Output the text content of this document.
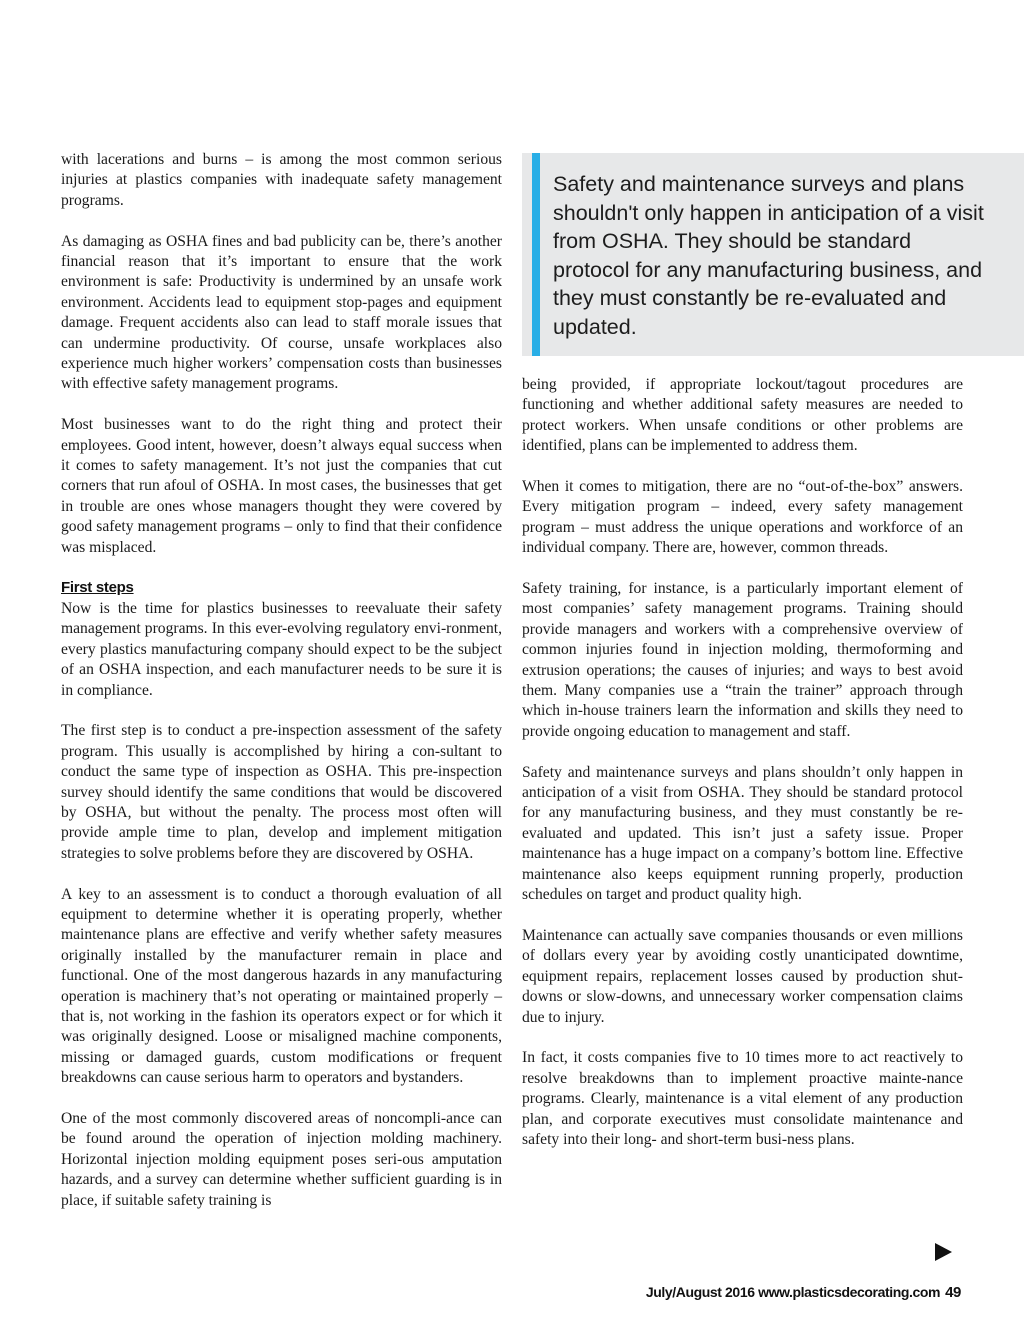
with lacerations and burns – is among the most common serious injuries at plastics companies with inadequate safety management programs.

As damaging as OSHA fines and bad publicity can be, there’s another financial reason that it’s important to ensure that the work environment is safe: Productivity is undermined by an unsafe work environment. Accidents lead to equipment stop-pages and equipment damage. Frequent accidents also can lead to staff morale issues that can undermine productivity. Of course, unsafe workplaces also experience much higher workers’ compensation costs than businesses with effective safety management programs.

Most businesses want to do the right thing and protect their employees. Good intent, however, doesn’t always equal success when it comes to safety management. It’s not just the companies that cut corners that run afoul of OSHA. In most cases, the businesses that get in trouble are ones whose managers thought they were covered by good safety management programs – only to find that their confidence was misplaced.

First steps

Now is the time for plastics businesses to reevaluate their safety management programs. In this ever-evolving regulatory envi-ronment, every plastics manufacturing company should expect to be the subject of an OSHA inspection, and each manufacturer needs to be sure it is in compliance.

The first step is to conduct a pre-inspection assessment of the safety program. This usually is accomplished by hiring a con-sultant to conduct the same type of inspection as OSHA. This pre-inspection survey should identify the same conditions that would be discovered by OSHA, but without the penalty. The process most often will provide ample time to plan, develop and implement mitigation strategies to solve problems before they are discovered by OSHA.

A key to an assessment is to conduct a thorough evaluation of all equipment to determine whether it is operating properly, whether maintenance plans are effective and verify whether safety measures originally installed by the manufacturer remain in place and functional. One of the most dangerous hazards in any manufacturing operation is machinery that’s not operating or maintained properly – that is, not working in the fashion its operators expect or for which it was originally designed. Loose or misaligned machine components, missing or damaged guards, custom modifications or frequent breakdowns can cause serious harm to operators and bystanders.

One of the most commonly discovered areas of noncompli-ance can be found around the operation of injection molding machinery. Horizontal injection molding equipment poses seri-ous amputation hazards, and a survey can determine whether sufficient guarding is in place, if suitable safety training is

Safety and maintenance surveys and plans shouldn't only happen in anticipation of a visit from OSHA. They should be standard protocol for any manufacturing business, and they must constantly be re-evaluated and updated.

being provided, if appropriate lockout/tagout procedures are functioning and whether additional safety measures are needed to protect workers. When unsafe conditions or other problems are identified, plans can be implemented to address them.

When it comes to mitigation, there are no “out-of-the-box” answers. Every mitigation program – indeed, every safety management program – must address the unique operations and workforce of an individual company. There are, however, common threads.

Safety training, for instance, is a particularly important element of most companies’ safety management programs. Training should provide managers and workers with a comprehensive overview of common injuries found in injection molding, thermoforming and extrusion operations; the causes of injuries; and ways to best avoid them. Many companies use a “train the trainer” approach through which in-house trainers learn the information and skills they need to provide ongoing education to management and staff.

Safety and maintenance surveys and plans shouldn’t only happen in anticipation of a visit from OSHA. They should be standard protocol for any manufacturing business, and they must constantly be re-evaluated and updated. This isn’t just a safety issue. Proper maintenance has a huge impact on a company’s bottom line. Effective maintenance also keeps equipment running properly, production schedules on target and product quality high.

Maintenance can actually save companies thousands or even millions of dollars every year by avoiding costly unanticipated downtime, equipment repairs, replacement losses caused by production shut-downs or slow-downs, and unnecessary worker compensation claims due to injury.

In fact, it costs companies five to 10 times more to act reactively to resolve breakdowns than to implement proactive mainte-nance programs. Clearly, maintenance is a vital element of any production plan, and corporate executives must consolidate maintenance and safety into their long- and short-term busi-ness plans.

July/August 2016 www.plasticsdecorating.com 49
